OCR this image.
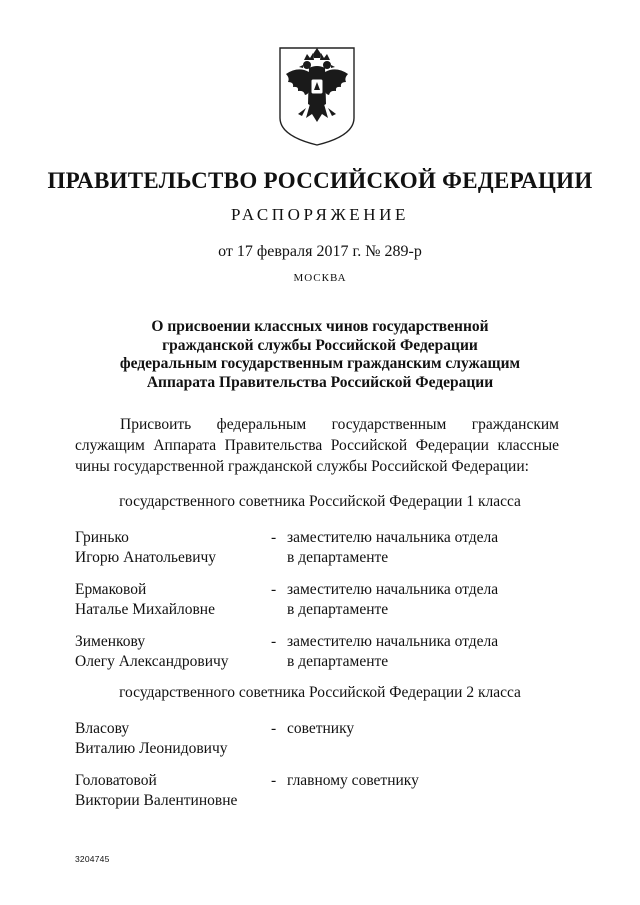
ПРАВИТЕЛЬСТВО РОССИЙСКОЙ ФЕДЕРАЦИИ
РАСПОРЯЖЕНИЕ
от 17 февраля 2017 г. № 289-р
МОСКВА
О присвоении классных чинов государственной
гражданской службы Российской Федерации
федеральным государственным гражданским служащим
Аппарата Правительства Российской Федерации
Присвоить федеральным государственным гражданским служащим Аппарата Правительства Российской Федерации классные чины государственной гражданской службы Российской Федерации:
государственного советника Российской Федерации 1 класса
Гринько
Игорю Анатольевичу
- заместителю начальника отдела
в департаменте
Ермаковой
Наталье Михайловне
- заместителю начальника отдела
в департаменте
Зименкову
Олегу Александровичу
- заместителю начальника отдела
в департаменте
государственного советника Российской Федерации 2 класса
Власову
Виталию Леонидовичу
- советнику
Головатовой
Виктории Валентиновне
- главному советнику
3204745
